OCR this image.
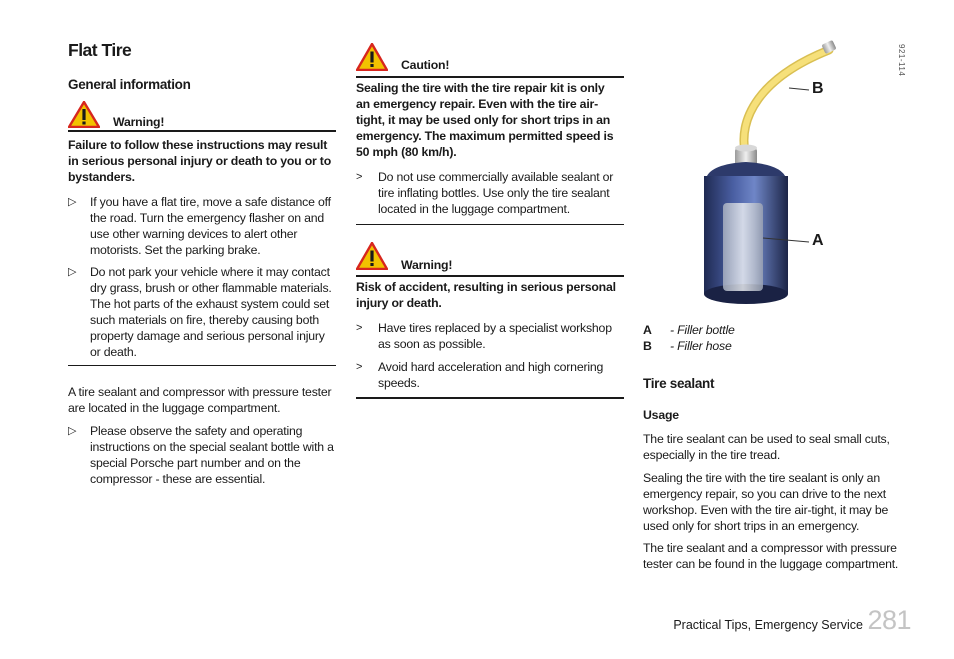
Flat Tire
General information
Warning!
Failure to follow these instructions may result in serious personal injury or death to you or to bystanders.
▷ If you have a flat tire, move a safe distance off the road. Turn the emergency flasher on and use other warning devices to alert other motorists. Set the parking brake.
▷ Do not park your vehicle where it may contact dry grass, brush or other flammable materials. The hot parts of the exhaust system could set such materials on fire, thereby causing both property damage and serious personal injury or death.
A tire sealant and compressor with pressure tester are located in the luggage compartment.
▷ Please observe the safety and operating instructions on the special sealant bottle with a special Porsche part number and on the compressor - these are essential.
Caution!
Sealing the tire with the tire repair kit is only an emergency repair. Even with the tire air-tight, it may be used only for short trips in an emergency. The maximum permitted speed is 50 mph (80 km/h).
> Do not use commercially available sealant or tire inflating bottles. Use only the tire sealant located in the luggage compartment.
Warning!
Risk of accident, resulting in serious personal injury or death.
> Have tires replaced by a specialist workshop as soon as possible.
> Avoid hard acceleration and high cornering speeds.
B
A
921-114
A - Filler bottle
B - Filler hose
Tire sealant
Usage
The tire sealant can be used to seal small cuts, especially in the tire tread.
Sealing the tire with the tire sealant is only an emergency repair, so you can drive to the next workshop. Even with the tire air-tight, it may be used only for short trips in an emergency.
The tire sealant and a compressor with pressure tester can be found in the luggage compartment.
Practical Tips, Emergency Service 281
